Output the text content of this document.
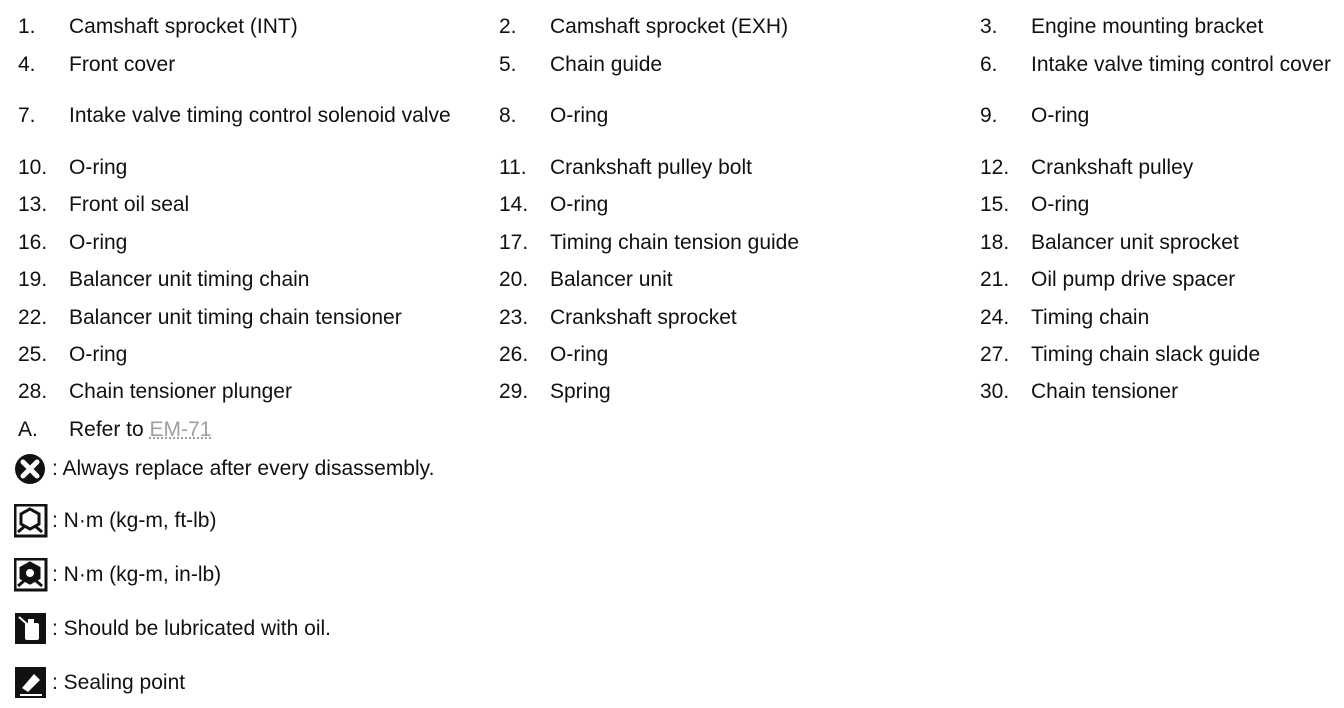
1.	Camshaft sprocket (INT)	2.	Camshaft sprocket (EXH)	3.	Engine mounting bracket
4.	Front cover	5.	Chain guide	6.	Intake valve timing control cover
7.	Intake valve timing control solenoid valve	8.	O-ring	9.	O-ring
10.	O-ring	11.	Crankshaft pulley bolt	12.	Crankshaft pulley
13.	Front oil seal	14.	O-ring	15.	O-ring
16.	O-ring	17.	Timing chain tension guide	18.	Balancer unit sprocket
19.	Balancer unit timing chain	20.	Balancer unit	21.	Oil pump drive spacer
22.	Balancer unit timing chain tensioner	23.	Crankshaft sprocket	24.	Timing chain
25.	O-ring	26.	O-ring	27.	Timing chain slack guide
28.	Chain tensioner plunger	29.	Spring	30.	Chain tensioner
A.	Refer to EM-71				
: Always replace after every disassembly.
: N·m (kg-m, ft-lb)
: N·m (kg-m, in-lb)
: Should be lubricated with oil.
: Sealing point
